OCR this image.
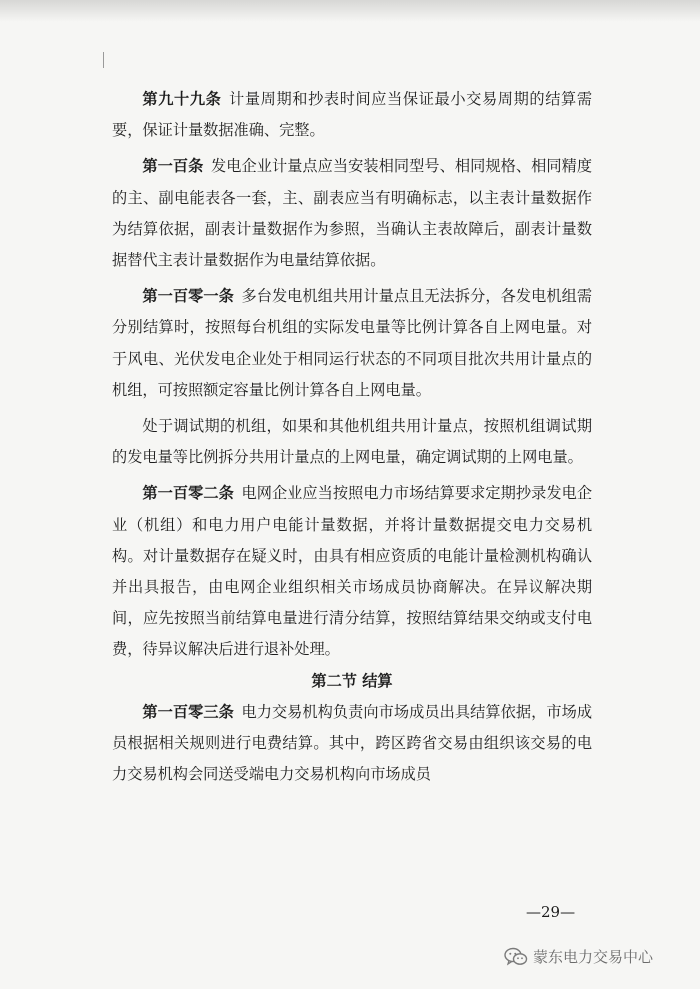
第九十九条 计量周期和抄表时间应当保证最小交易周期的结算需要，保证计量数据准确、完整。

第一百条 发电企业计量点应当安装相同型号、相同规格、相同精度的主、副电能表各一套，主、副表应当有明确标志，以主表计量数据作为结算依据，副表计量数据作为参照，当确认主表故障后，副表计量数据替代主表计量数据作为电量结算依据。

第一百零一条 多台发电机组共用计量点且无法拆分，各发电机组需分别结算时，按照每台机组的实际发电量等比例计算各自上网电量。对于风电、光伏发电企业处于相同运行状态的不同项目批次共用计量点的机组，可按照额定容量比例计算各自上网电量。

处于调试期的机组，如果和其他机组共用计量点，按照机组调试期的发电量等比例拆分共用计量点的上网电量，确定调试期的上网电量。

第一百零二条 电网企业应当按照电力市场结算要求定期抄录发电企业（机组）和电力用户电能计量数据，并将计量数据提交电力交易机构。对计量数据存在疑义时，由具有相应资质的电能计量检测机构确认并出具报告，由电网企业组织相关市场成员协商解决。在异议解决期间，应先按照当前结算电量进行清分结算，按照结算结果交纳或支付电费，待异议解决后进行退补处理。

第二节 结算

第一百零三条 电力交易机构负责向市场成员出具结算依据，市场成员根据相关规则进行电费结算。其中，跨区跨省交易由组织该交易的电力交易机构会同送受端电力交易机构向市场成员

—29—
蒙东电力交易中心
